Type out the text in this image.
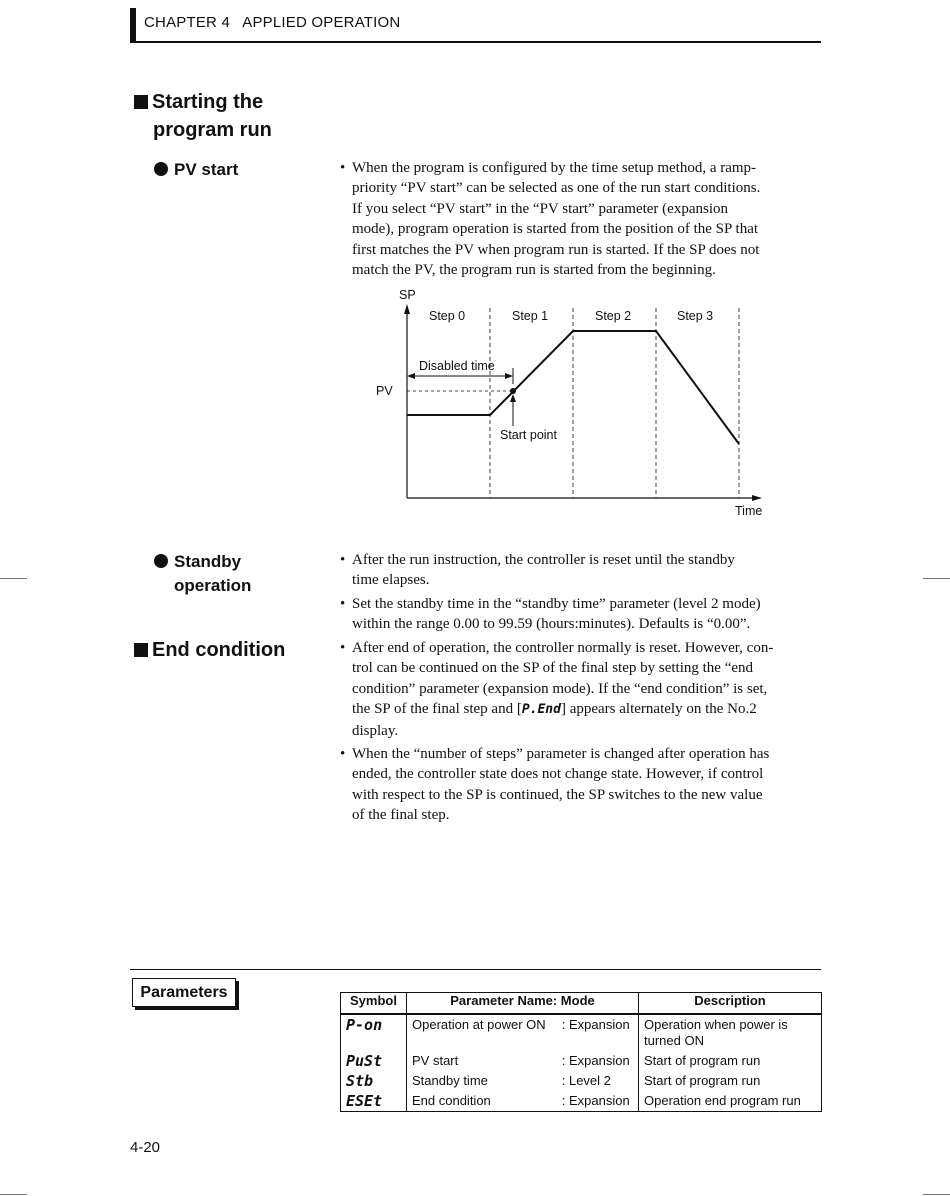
CHAPTER 4   APPLIED OPERATION
Starting the
program run
PV start	• When the program is configured by the time setup method, a ramp-
priority “PV start” can be selected as one of the run start conditions.
If you select “PV start” in the “PV start” parameter (expansion
mode), program operation is started from the position of the SP that
first matches the PV when program run is started. If the SP does not
match the PV, the program run is started from the beginning.
SP
Time
PV
Step 0	Step 1	Step 2	Step 3
Disabled time
Start point
Standby
operation
• After the run instruction, the controller is reset until the standby
time elapses.
• Set the standby time in the “standby time” parameter (level 2 mode)
within the range 0.00 to 99.59 (hours:minutes). Defaults is “0.00”.
End condition	• After end of operation, the controller normally is reset. However, con-
trol can be continued on the SP of the final step by setting the “end
condition” parameter (expansion mode). If the “end condition” is set,
the SP of the final step and [P.End] appears alternately on the No.2
display.
• When the “number of steps” parameter is changed after operation has
ended, the controller state does not change state. However, if control
with respect to the SP is continued, the SP switches to the new value
of the final step.
Parameters	Symbol	Parameter Name: Mode		Description
P-on	Operation at power ON	: Expansion	Operation when power is turned ON
PuSt	PV start	: Expansion	Start of program run
Stb	Standby time	: Level 2	Start of program run
ESEt	End condition	: Expansion	Operation end program run
4-20
